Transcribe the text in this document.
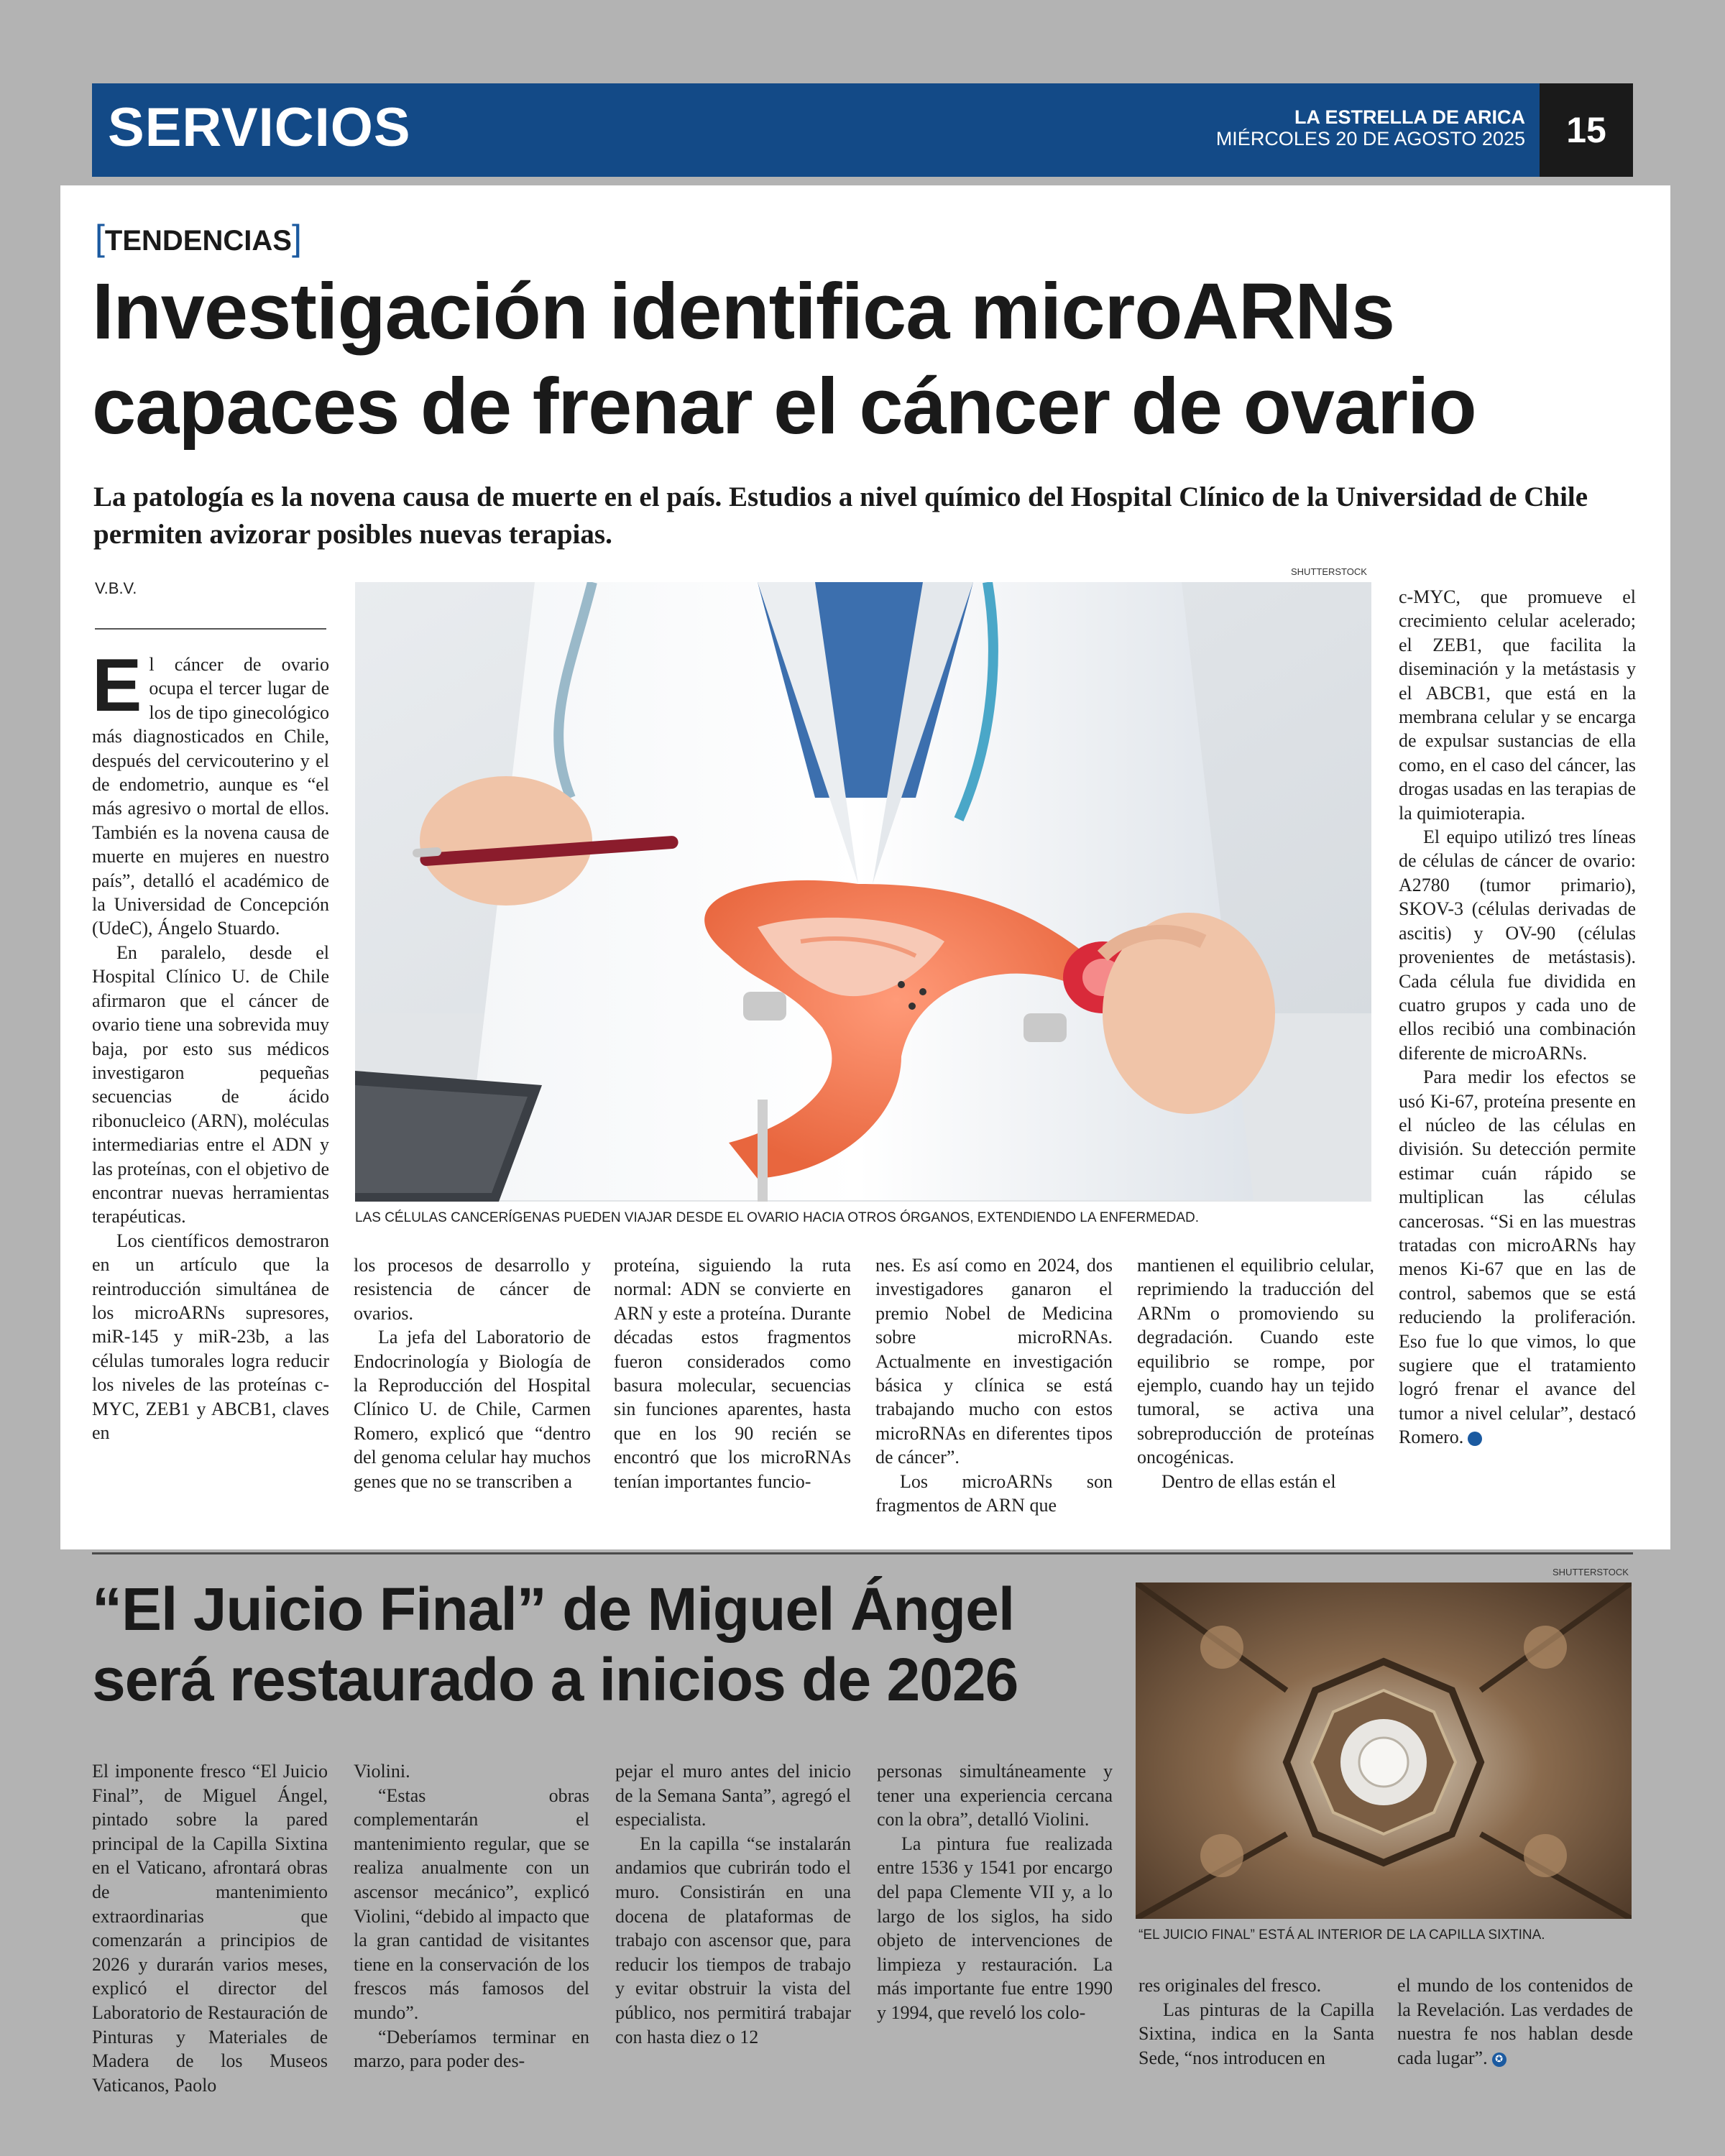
SERVICIOS	LA ESTRELLA DE ARICA
MIÉRCOLES 20 DE AGOSTO 2025	15
[TENDENCIAS]
Investigación identifica microARNs
capaces de frenar el cáncer de ovario
La patología es la novena causa de muerte en el país. Estudios a nivel químico del Hospital Clínico de la Universidad de Chile permiten avizorar posibles nuevas terapias.
V.B.V.
SHUTTERSTOCK
LAS CÉLULAS CANCERÍGENAS PUEDEN VIAJAR DESDE EL OVARIO HACIA OTROS ÓRGANOS, EXTENDIENDO LA ENFERMEDAD.

El cáncer de ovario ocupa el tercer lugar de los de tipo ginecológico más diagnosticados en Chile, después del cervicouterino y el de endometrio, aunque es “el más agresivo o mortal de ellos. También es la novena causa de muerte en mujeres en nuestro país”, detalló el académico de la Universidad de Concepción (UdeC), Ángelo Stuardo.

En paralelo, desde el Hospital Clínico U. de Chile afirmaron que el cáncer de ovario tiene una sobrevida muy baja, por esto sus médicos investigaron pequeñas secuencias de ácido ribonucleico (ARN), moléculas intermediarias entre el ADN y las proteínas, con el objetivo de encontrar nuevas herramientas terapéuticas.

Los científicos demostraron en un artículo que la reintroducción simultánea de los microARNs supresores, miR-145 y miR-23b, a las células tumorales logra reducir los niveles de las proteínas c-MYC, ZEB1 y ABCB1, claves en

los procesos de desarrollo y resistencia de cáncer de ovarios.

La jefa del Laboratorio de Endocrinología y Biología de la Reproducción del Hospital Clínico U. de Chile, Carmen Romero, explicó que “dentro del genoma celular hay muchos genes que no se transcriben a

proteína, siguiendo la ruta normal: ADN se convierte en ARN y este a proteína. Durante décadas estos fragmentos fueron considerados como basura molecular, secuencias sin funciones aparentes, hasta que en los 90 recién se encontró que los microRNAs tenían importantes funcio-

nes. Es así como en 2024, dos investigadores ganaron el premio Nobel de Medicina sobre microRNAs. Actualmente en investigación básica y clínica se está trabajando mucho con estos microRNAs en diferentes tipos de cáncer”.

Los microARNs son fragmentos de ARN que

mantienen el equilibrio celular, reprimiendo la traducción del ARNm o promoviendo su degradación. Cuando este equilibrio se rompe, por ejemplo, cuando hay un tejido tumoral, se activa una sobreproducción de proteínas oncogénicas.

Dentro de ellas están el

c-MYC, que promueve el crecimiento celular acelerado; el ZEB1, que facilita la diseminación y la metástasis y el ABCB1, que está en la membrana celular y se encarga de expulsar sustancias de ella como, en el caso del cáncer, las drogas usadas en las terapias de la quimioterapia.

El equipo utilizó tres líneas de células de cáncer de ovario: A2780 (tumor primario), SKOV-3 (células derivadas de ascitis) y OV-90 (células provenientes de metástasis). Cada célula fue dividida en cuatro grupos y cada uno de ellos recibió una combinación diferente de microARNs.

Para medir los efectos se usó Ki-67, proteína presente en el núcleo de las células en división. Su detección permite estimar cuán rápido se multiplican las células cancerosas. “Si en las muestras tratadas con microARNs hay menos Ki-67 que en las de control, sabemos que se está reduciendo la proliferación. Eso fue lo que vimos, lo que sugiere que el tratamiento logró frenar el avance del tumor a nivel celular”, destacó Romero.	✪

“El Juicio Final” de Miguel Ángel
será restaurado a inicios de 2026
SHUTTERSTOCK
“EL JUICIO FINAL” ESTÁ AL INTERIOR DE LA CAPILLA SIXTINA.

El imponente fresco “El Juicio Final”, de Miguel Ángel, pintado sobre la pared principal de la Capilla Sixtina en el Vaticano, afrontará obras de mantenimiento extraordinarias que comenzarán a principios de 2026 y durarán varios meses, explicó el director del Laboratorio de Restauración de Pinturas y Materiales de Madera de los Museos Vaticanos, Paolo

Violini.

“Estas obras complementarán el mantenimiento regular, que se realiza anualmente con un ascensor mecánico”, explicó Violini, “debido al impacto que la gran cantidad de visitantes tiene en la conservación de los frescos más famosos del mundo”.

“Deberíamos terminar en marzo, para poder des-

pejar el muro antes del inicio de la Semana Santa”, agregó el especialista.

En la capilla “se instalarán andamios que cubrirán todo el muro. Consistirán en una docena de plataformas de trabajo con ascensor que, para reducir los tiempos de trabajo y evitar obstruir la vista del público, nos permitirá trabajar con hasta diez o 12

personas simultáneamente y tener una experiencia cercana con la obra”, detalló Violini.

La pintura fue realizada entre 1536 y 1541 por encargo del papa Clemente VII y, a lo largo de los siglos, ha sido objeto de intervenciones de limpieza y restauración. La más importante fue entre 1990 y 1994, que reveló los colo-

res originales del fresco.

Las pinturas de la Capilla Sixtina, indica en la Santa Sede, “nos introducen en

el mundo de los contenidos de la Revelación. Las verdades de nuestra fe nos hablan desde cada lugar”. ✪
